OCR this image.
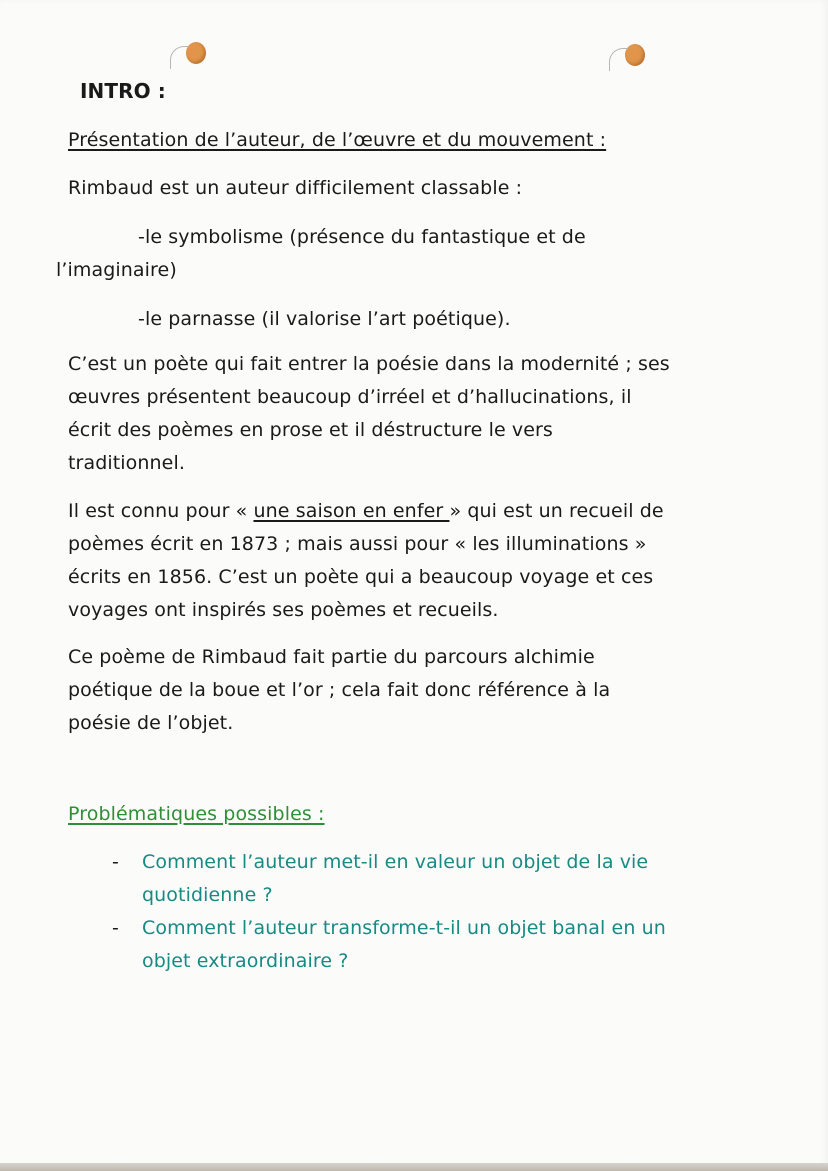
INTRO :

Présentation de l’auteur, de l’œuvre et du mouvement :

Rimbaud est un auteur difficilement classable :

-le symbolisme (présence du fantastique et de

l’imaginaire)

-le parnasse (il valorise l’art poétique).

C’est un poète qui fait entrer la poésie dans la modernité ; ses

œuvres présentent beaucoup d’irréel et d’hallucinations, il

écrit des poèmes en prose et il déstructure le vers

traditionnel.

Il est connu pour « une saison en enfer » qui est un recueil de

poèmes écrit en 1873 ; mais aussi pour « les illuminations »

écrits en 1856. C’est un poète qui a beaucoup voyage et ces

voyages ont inspirés ses poèmes et recueils.

Ce poème de Rimbaud fait partie du parcours alchimie

poétique de la boue et l’or ; cela fait donc référence à la

poésie de l’objet.

Problématiques possibles :

- Comment l’auteur met-il en valeur un objet de la vie

quotidienne ?

- Comment l’auteur transforme-t-il un objet banal en un

objet extraordinaire ?
